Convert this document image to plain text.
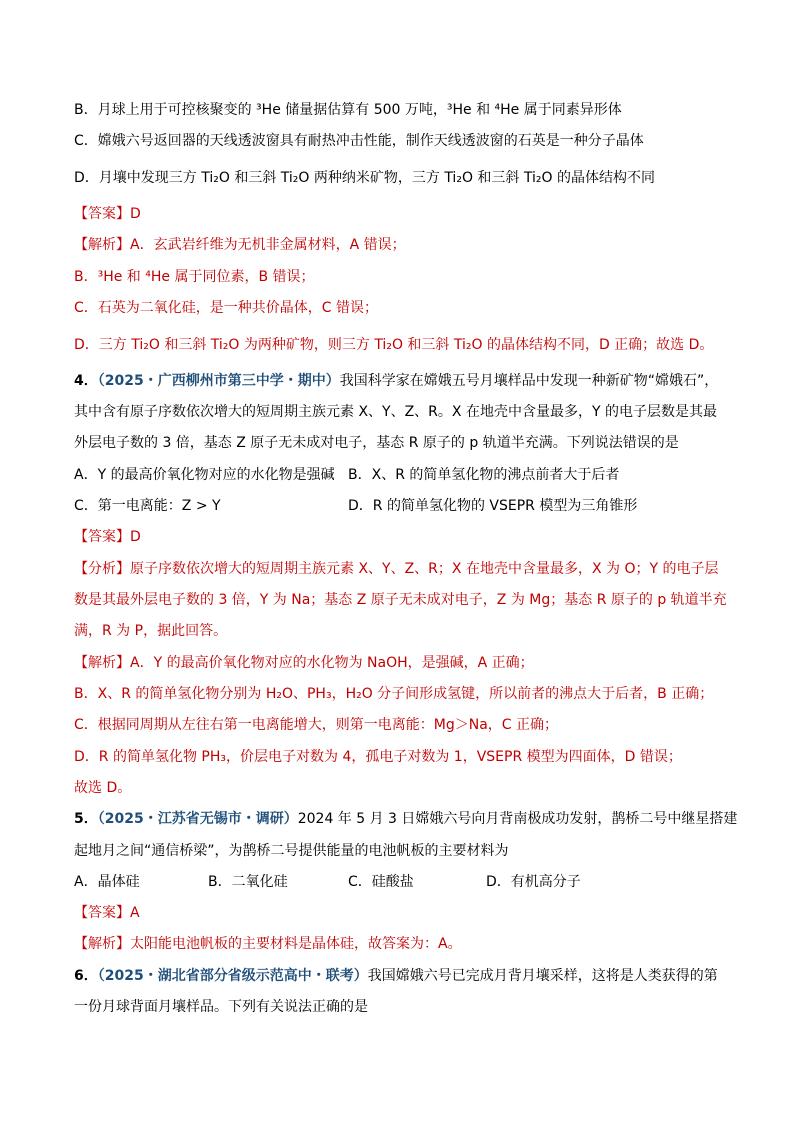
B．月球上用于可控核聚变的 ³He 储量据估算有 500 万吨，³He 和 ⁴He 属于同素异形体
C．嫦娥六号返回器的天线透波窗具有耐热冲击性能，制作天线透波窗的石英是一种分子晶体
D．月壤中发现三方 Ti₂O 和三斜 Ti₂O 两种纳米矿物，三方 Ti₂O 和三斜 Ti₂O 的晶体结构不同
【答案】D
【解析】A．玄武岩纤维为无机非金属材料，A 错误；
B．³He 和 ⁴He 属于同位素，B 错误；
C．石英为二氧化硅，是一种共价晶体，C 错误；
D．三方 Ti₂O 和三斜 Ti₂O 为两种矿物，则三方 Ti₂O 和三斜 Ti₂O 的晶体结构不同，D 正确；故选 D。
4．（2025・广西柳州市第三中学・期中）我国科学家在嫦娥五号月壤样品中发现一种新矿物“嫦娥石”，
其中含有原子序数依次增大的短周期主族元素 X、Y、Z、R。X 在地壳中含量最多，Y 的电子层数是其最
外层电子数的 3 倍，基态 Z 原子无未成对电子，基态 R 原子的 p 轨道半充满。下列说法错误的是
A．Y 的最高价氧化物对应的水化物是强碱 B．X、R 的简单氢化物的沸点前者大于后者
C．第一电离能：Z > Y	D．R 的简单氢化物的 VSEPR 模型为三角锥形
【答案】D
【分析】原子序数依次增大的短周期主族元素 X、Y、Z、R；X 在地壳中含量最多，X 为 O；Y 的电子层
数是其最外层电子数的 3 倍，Y 为 Na；基态 Z 原子无未成对电子，Z 为 Mg；基态 R 原子的 p 轨道半充
满，R 为 P，据此回答。
【解析】A．Y 的最高价氧化物对应的水化物为 NaOH，是强碱，A 正确；
B．X、R 的简单氢化物分别为 H₂O、PH₃，H₂O 分子间形成氢键，所以前者的沸点大于后者，B 正确；
C．根据同周期从左往右第一电离能增大，则第一电离能：Mg＞Na，C 正确；
D．R 的简单氢化物 PH₃，价层电子对数为 4，孤电子对数为 1，VSEPR 模型为四面体，D 错误；
故选 D。
5．（2025・江苏省无锡市・调研）2024 年 5 月 3 日嫦娥六号向月背南极成功发射，鹊桥二号中继星搭建
起地月之间“通信桥梁”，为鹊桥二号提供能量的电池帆板的主要材料为
A．晶体硅	B．二氧化硅	C．硅酸盐	D．有机高分子
【答案】A
【解析】太阳能电池帆板的主要材料是晶体硅，故答案为：A。
6．（2025・湖北省部分省级示范高中・联考）我国嫦娥六号已完成月背月壤采样，这将是人类获得的第
一份月球背面月壤样品。下列有关说法正确的是
